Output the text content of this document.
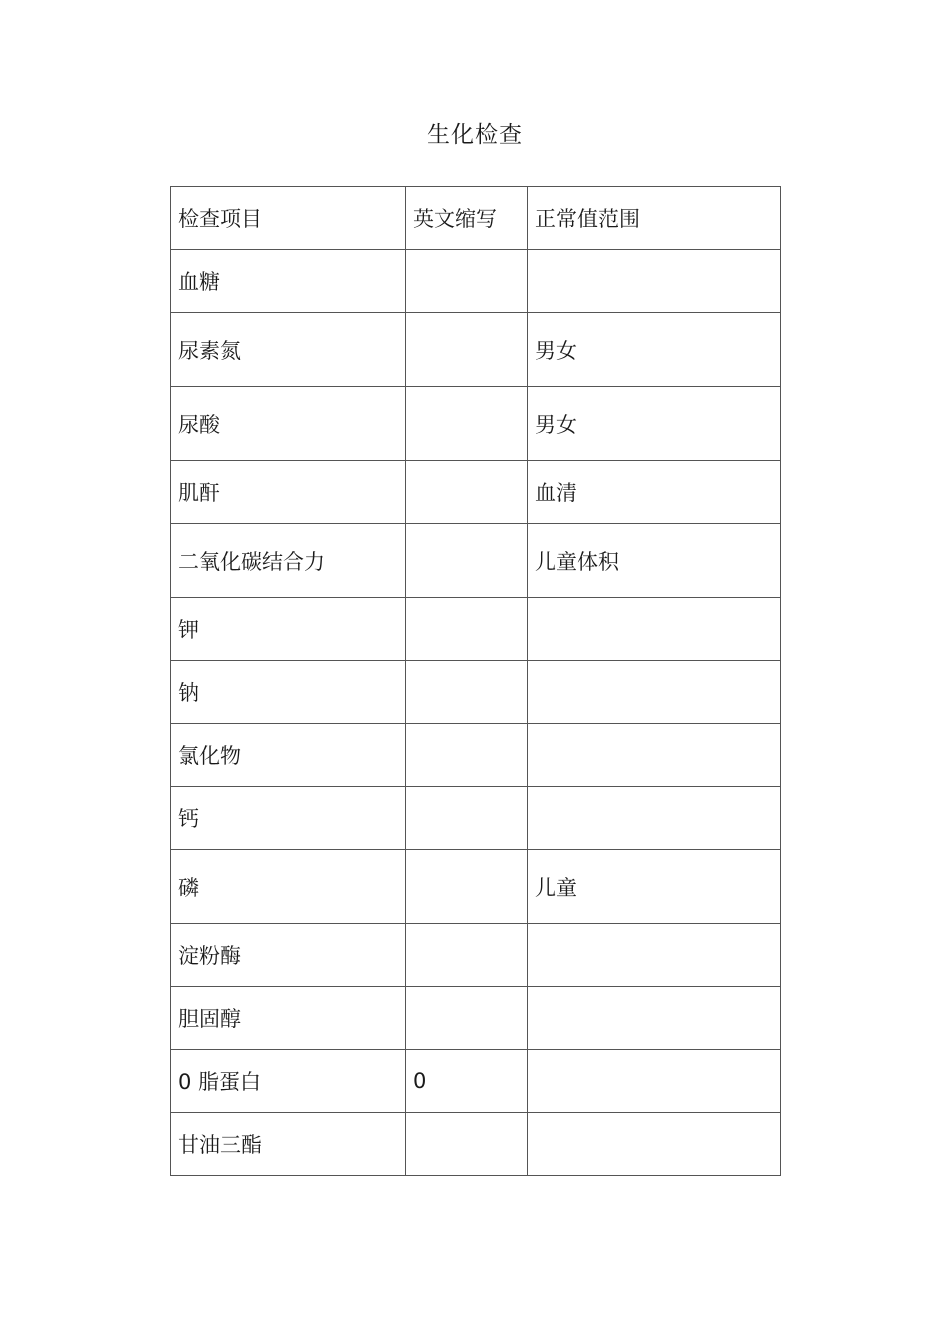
生化检查
检查项目	英文缩写	正常值范围
血糖		
尿素氮		男女
尿酸		男女
肌酐		血清
二氧化碳结合力		儿童体积
钾		
钠		
氯化物		
钙		
磷		儿童
淀粉酶		
胆固醇		
0 脂蛋白	0	
甘油三酯		
